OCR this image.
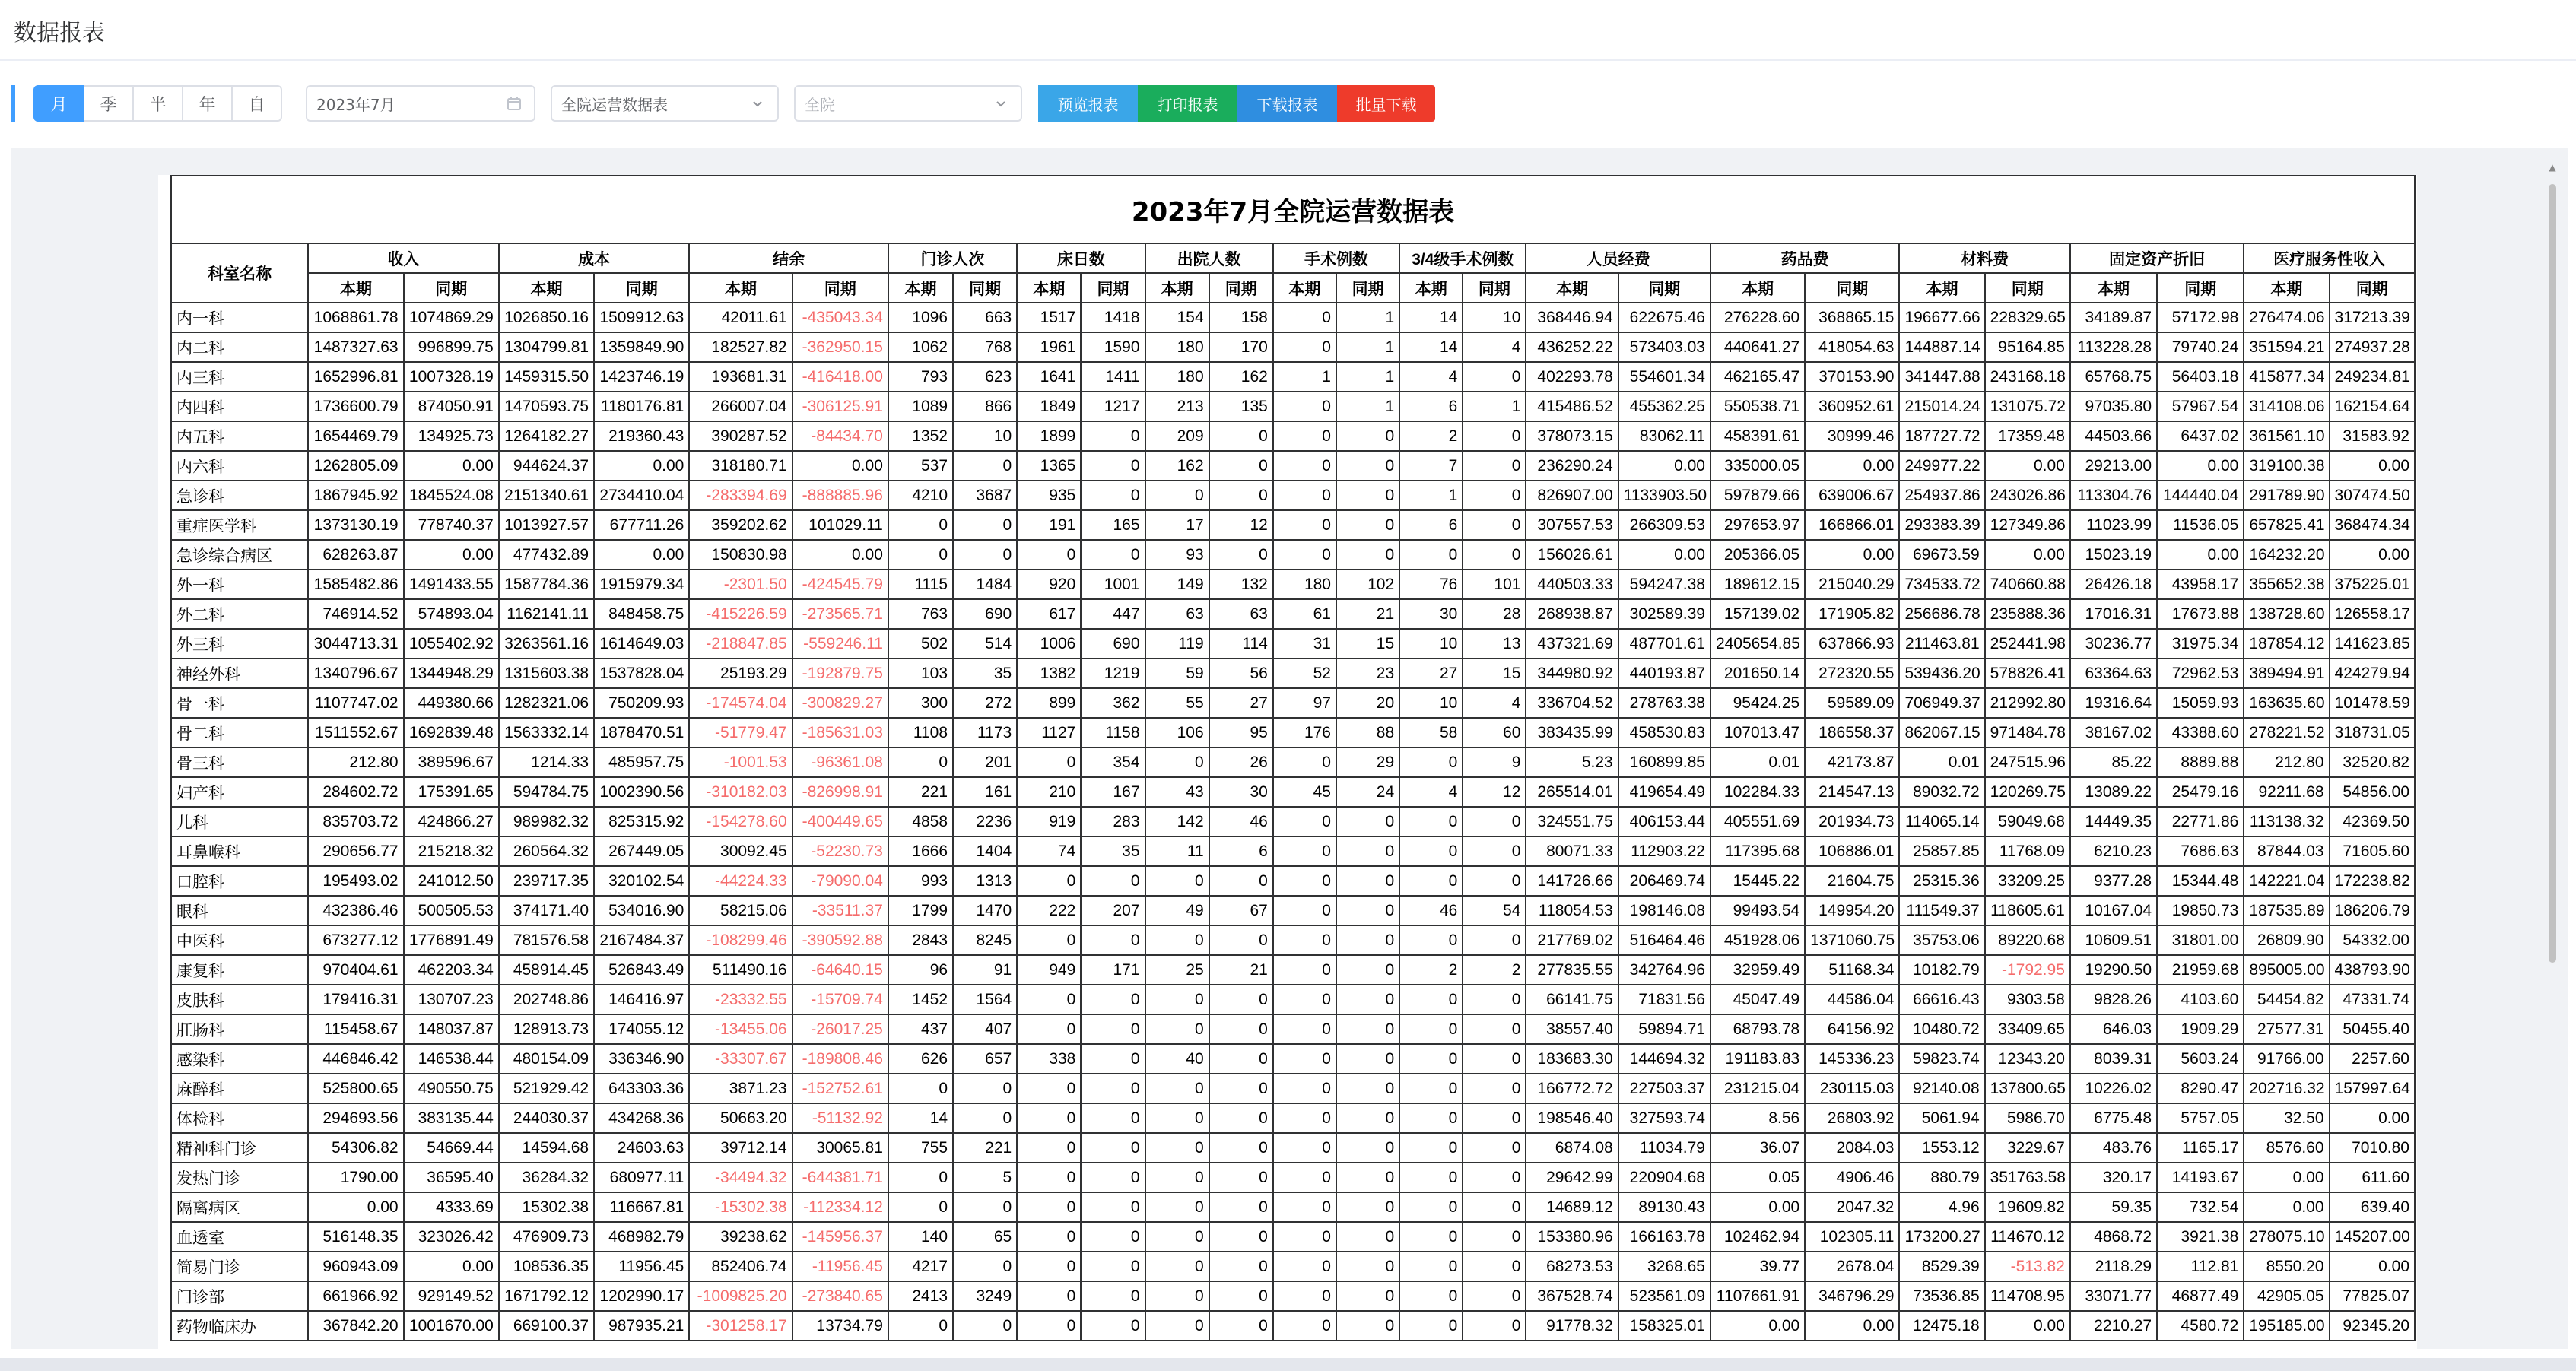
数据报表
月	季	半	年	自	2023年7月	全院运营数据表	全院	预览报表	打印报表	下载报表	批量下载
2023年7月全院运营数据表
科室名称	收入		成本		结余		门诊人次		床日数		出院人数		手术例数		3/4级手术例数		人员经费		药品费		材料费		固定资产折旧		医疗服务性收入	
	本期	同期	本期	同期	本期	同期	本期	同期	本期	同期	本期	同期	本期	同期	本期	同期	本期	同期	本期	同期	本期	同期	本期	同期	本期	同期
内一科	1068861.78	1074869.29	1026850.16	1509912.63	42011.61	-435043.34	1096	663	1517	1418	154	158	0	1	14	10	368446.94	622675.46	276228.60	368865.15	196677.66	228329.65	34189.87	57172.98	276474.06	317213.39
内二科	1487327.63	996899.75	1304799.81	1359849.90	182527.82	-362950.15	1062	768	1961	1590	180	170	0	1	14	4	436252.22	573403.03	440641.27	418054.63	144887.14	95164.85	113228.28	79740.24	351594.21	274937.28
内三科	1652996.81	1007328.19	1459315.50	1423746.19	193681.31	-416418.00	793	623	1641	1411	180	162	1	1	4	0	402293.78	554601.34	462165.47	370153.90	341447.88	243168.18	65768.75	56403.18	415877.34	249234.81
内四科	1736600.79	874050.91	1470593.75	1180176.81	266007.04	-306125.91	1089	866	1849	1217	213	135	0	1	6	1	415486.52	455362.25	550538.71	360952.61	215014.24	131075.72	97035.80	57967.54	314108.06	162154.64
内五科	1654469.79	134925.73	1264182.27	219360.43	390287.52	-84434.70	1352	10	1899	0	209	0	0	0	2	0	378073.15	83062.11	458391.61	30999.46	187727.72	17359.48	44503.66	6437.02	361561.10	31583.92
内六科	1262805.09	0.00	944624.37	0.00	318180.71	0.00	537	0	1365	0	162	0	0	0	7	0	236290.24	0.00	335000.05	0.00	249977.22	0.00	29213.00	0.00	319100.38	0.00
急诊科	1867945.92	1845524.08	2151340.61	2734410.04	-283394.69	-888885.96	4210	3687	935	0	0	0	0	0	1	0	826907.00	1133903.50	597879.66	639006.67	254937.86	243026.86	113304.76	144440.04	291789.90	307474.50
重症医学科	1373130.19	778740.37	1013927.57	677711.26	359202.62	101029.11	0	0	191	165	17	12	0	0	6	0	307557.53	266309.53	297653.97	166866.01	293383.39	127349.86	11023.99	11536.05	657825.41	368474.34
急诊综合病区	628263.87	0.00	477432.89	0.00	150830.98	0.00	0	0	0	0	93	0	0	0	0	0	156026.61	0.00	205366.05	0.00	69673.59	0.00	15023.19	0.00	164232.20	0.00
外一科	1585482.86	1491433.55	1587784.36	1915979.34	-2301.50	-424545.79	1115	1484	920	1001	149	132	180	102	76	101	440503.33	594247.38	189612.15	215040.29	734533.72	740660.88	26426.18	43958.17	355652.38	375225.01
外二科	746914.52	574893.04	1162141.11	848458.75	-415226.59	-273565.71	763	690	617	447	63	63	61	21	30	28	268938.87	302589.39	157139.02	171905.82	256686.78	235888.36	17016.31	17673.88	138728.60	126558.17
外三科	3044713.31	1055402.92	3263561.16	1614649.03	-218847.85	-559246.11	502	514	1006	690	119	114	31	15	10	13	437321.69	487701.61	2405654.85	637866.93	211463.81	252441.98	30236.77	31975.34	187854.12	141623.85
神经外科	1340796.67	1344948.29	1315603.38	1537828.04	25193.29	-192879.75	103	35	1382	1219	59	56	52	23	27	15	344980.92	440193.87	201650.14	272320.55	539436.20	578826.41	63364.63	72962.53	389494.91	424279.94
骨一科	1107747.02	449380.66	1282321.06	750209.93	-174574.04	-300829.27	300	272	899	362	55	27	97	20	10	4	336704.52	278763.38	95424.25	59589.09	706949.37	212992.80	19316.64	15059.93	163635.60	101478.59
骨二科	1511552.67	1692839.48	1563332.14	1878470.51	-51779.47	-185631.03	1108	1173	1127	1158	106	95	176	88	58	60	383435.99	458530.83	107013.47	186558.37	862067.15	971484.78	38167.02	43388.60	278221.52	318731.05
骨三科	212.80	389596.67	1214.33	485957.75	-1001.53	-96361.08	0	201	0	354	0	26	0	29	0	9	5.23	160899.85	0.01	42173.87	0.01	247515.96	85.22	8889.88	212.80	32520.82
妇产科	284602.72	175391.65	594784.75	1002390.56	-310182.03	-826998.91	221	161	210	167	43	30	45	24	4	12	265514.01	419654.49	102284.33	214547.13	89032.72	120269.75	13089.22	25479.16	92211.68	54856.00
儿科	835703.72	424866.27	989982.32	825315.92	-154278.60	-400449.65	4858	2236	919	283	142	46	0	0	0	0	324551.75	406153.44	405551.69	201934.73	114065.14	59049.68	14449.35	22771.86	113138.32	42369.50
耳鼻喉科	290656.77	215218.32	260564.32	267449.05	30092.45	-52230.73	1666	1404	74	35	11	6	0	0	0	0	80071.33	112903.22	117395.68	106886.01	25857.85	11768.09	6210.23	7686.63	87844.03	71605.60
口腔科	195493.02	241012.50	239717.35	320102.54	-44224.33	-79090.04	993	1313	0	0	0	0	0	0	0	0	141726.66	206469.74	15445.22	21604.75	25315.36	33209.25	9377.28	15344.48	142221.04	172238.82
眼科	432386.46	500505.53	374171.40	534016.90	58215.06	-33511.37	1799	1470	222	207	49	67	0	0	46	54	118054.53	198146.08	99493.54	149954.20	111549.37	118605.61	10167.04	19850.73	187535.89	186206.79
中医科	673277.12	1776891.49	781576.58	2167484.37	-108299.46	-390592.88	2843	8245	0	0	0	0	0	0	0	0	217769.02	516464.46	451928.06	1371060.75	35753.06	89220.68	10609.51	31801.00	26809.90	54332.00
康复科	970404.61	462203.34	458914.45	526843.49	511490.16	-64640.15	96	91	949	171	25	21	0	0	2	2	277835.55	342764.96	32959.49	51168.34	10182.79	-1792.95	19290.50	21959.68	895005.00	438793.90
皮肤科	179416.31	130707.23	202748.86	146416.97	-23332.55	-15709.74	1452	1564	0	0	0	0	0	0	0	0	66141.75	71831.56	45047.49	44586.04	66616.43	9303.58	9828.26	4103.60	54454.82	47331.74
肛肠科	115458.67	148037.87	128913.73	174055.12	-13455.06	-26017.25	437	407	0	0	0	0	0	0	0	0	38557.40	59894.71	68793.78	64156.92	10480.72	33409.65	646.03	1909.29	27577.31	50455.40
感染科	446846.42	146538.44	480154.09	336346.90	-33307.67	-189808.46	626	657	338	0	40	0	0	0	0	0	183683.30	144694.32	191183.83	145336.23	59823.74	12343.20	8039.31	5603.24	91766.00	2257.60
麻醉科	525800.65	490550.75	521929.42	643303.36	3871.23	-152752.61	0	0	0	0	0	0	0	0	0	0	166772.72	227503.37	231215.04	230115.03	92140.08	137800.65	10226.02	8290.47	202716.32	157997.64
体检科	294693.56	383135.44	244030.37	434268.36	50663.20	-51132.92	14	0	0	0	0	0	0	0	0	0	198546.40	327593.74	8.56	26803.92	5061.94	5986.70	6775.48	5757.05	32.50	0.00
精神科门诊	54306.82	54669.44	14594.68	24603.63	39712.14	30065.81	755	221	0	0	0	0	0	0	0	0	6874.08	11034.79	36.07	2084.03	1553.12	3229.67	483.76	1165.17	8576.60	7010.80
发热门诊	1790.00	36595.40	36284.32	680977.11	-34494.32	-644381.71	0	5	0	0	0	0	0	0	0	0	29642.99	220904.68	0.05	4906.46	880.79	351763.58	320.17	14193.67	0.00	611.60
隔离病区	0.00	4333.69	15302.38	116667.81	-15302.38	-112334.12	0	0	0	0	0	0	0	0	0	0	14689.12	89130.43	0.00	2047.32	4.96	19609.82	59.35	732.54	0.00	639.40
血透室	516148.35	323026.42	476909.73	468982.79	39238.62	-145956.37	140	65	0	0	0	0	0	0	0	0	153380.96	166163.78	102462.94	102305.11	173200.27	114670.12	4868.72	3921.38	278075.10	145207.00
简易门诊	960943.09	0.00	108536.35	11956.45	852406.74	-11956.45	4217	0	0	0	0	0	0	0	0	0	68273.53	3268.65	39.77	2678.04	8529.39	-513.82	2118.29	112.81	8550.20	0.00
门诊部	661966.92	929149.52	1671792.12	1202990.17	-1009825.20	-273840.65	2413	3249	0	0	0	0	0	0	0	0	367528.74	523561.09	1107661.91	346796.29	73536.85	114708.95	33071.77	46877.49	42905.05	77825.07
药物临床办	367842.20	1001670.00	669100.37	987935.21	-301258.17	13734.79	0	0	0	0	0	0	0	0	0	0	91778.32	158325.01	0.00	0.00	12475.18	0.00	2210.27	4580.72	195185.00	92345.20
▲
